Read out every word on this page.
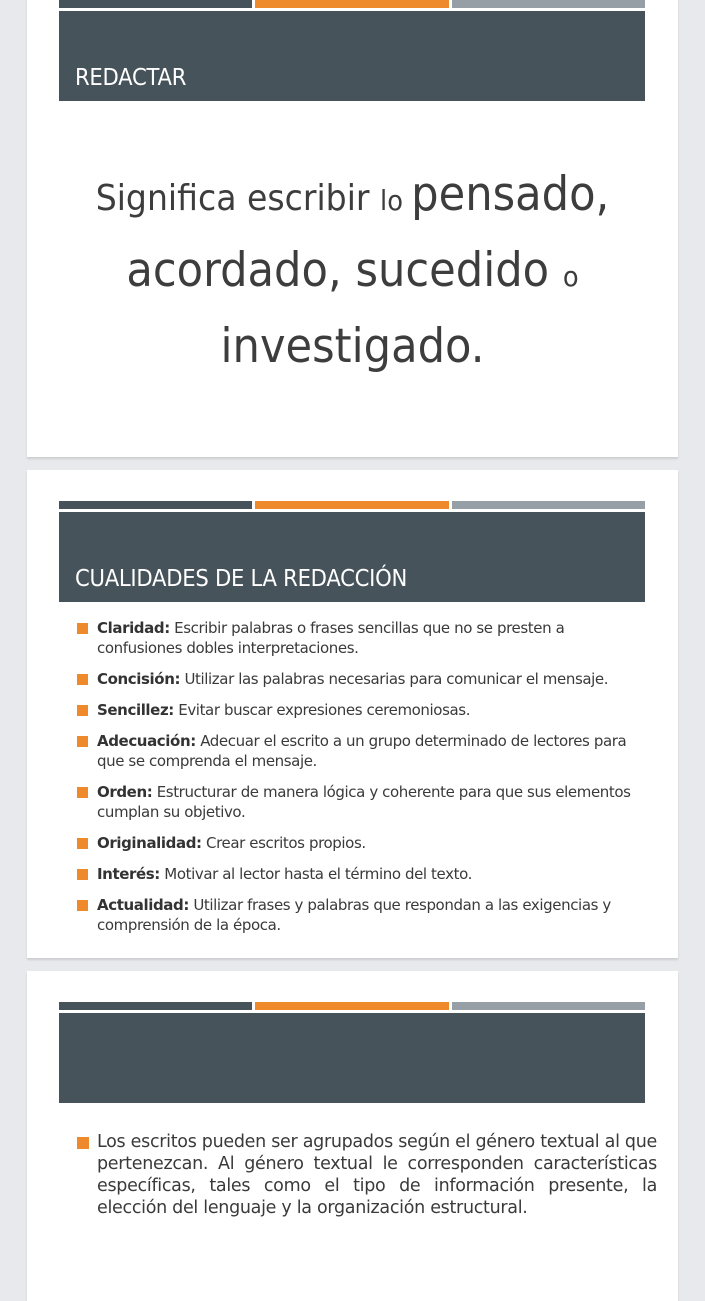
REDACTAR
Significa escribir lo pensado,
acordado, sucedido o
investigado.
CUALIDADES DE LA REDACCIÓN
Claridad: Escribir palabras o frases sencillas que no se presten a confusiones dobles interpretaciones.
Concisión: Utilizar las palabras necesarias para comunicar el mensaje.
Sencillez: Evitar buscar expresiones ceremoniosas.
Adecuación: Adecuar el escrito a un grupo determinado de lectores para que se comprenda el mensaje.
Orden: Estructurar de manera lógica y coherente para que sus elementos cumplan su objetivo.
Originalidad: Crear escritos propios.
Interés: Motivar al lector hasta el término del texto.
Actualidad: Utilizar frases y palabras que respondan a las exigencias y comprensión de la época.
Los escritos pueden ser agrupados según el género textual al que pertenezcan. Al género textual le corresponden características específicas, tales como el tipo de información presente, la elección del lenguaje y la organización estructural.
